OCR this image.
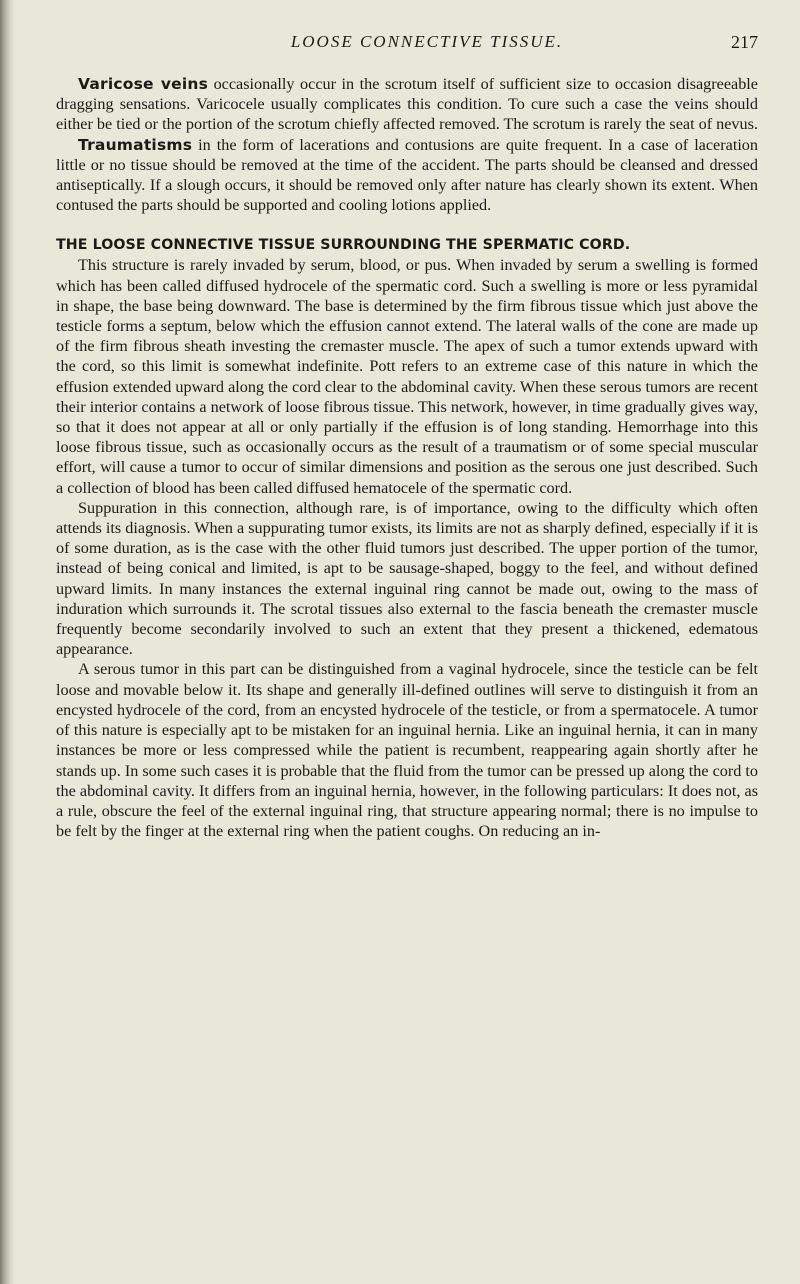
LOOSE CONNECTIVE TISSUE.	217

Varicose veins occasionally occur in the scrotum itself of sufficient size to occasion disagreeable dragging sensations. Varicocele usually complicates this condition. To cure such a case the veins should either be tied or the portion of the scrotum chiefly affected removed. The scrotum is rarely the seat of nevus.

Traumatisms in the form of lacerations and contusions are quite frequent. In a case of laceration little or no tissue should be removed at the time of the accident. The parts should be cleansed and dressed antiseptically. If a slough occurs, it should be removed only after nature has clearly shown its extent. When contused the parts should be supported and cooling lotions applied.

THE LOOSE CONNECTIVE TISSUE SURROUNDING THE SPERMATIC CORD.

This structure is rarely invaded by serum, blood, or pus. When invaded by serum a swelling is formed which has been called diffused hydrocele of the spermatic cord. Such a swelling is more or less pyramidal in shape, the base being downward. The base is determined by the firm fibrous tissue which just above the testicle forms a septum, below which the effusion cannot extend. The lateral walls of the cone are made up of the firm fibrous sheath investing the cremaster muscle. The apex of such a tumor extends upward with the cord, so this limit is somewhat indefinite. Pott refers to an extreme case of this nature in which the effusion extended upward along the cord clear to the abdominal cavity. When these serous tumors are recent their interior contains a network of loose fibrous tissue. This network, however, in time gradually gives way, so that it does not appear at all or only partially if the effusion is of long standing. Hemorrhage into this loose fibrous tissue, such as occasionally occurs as the result of a traumatism or of some special muscular effort, will cause a tumor to occur of similar dimensions and position as the serous one just described. Such a collection of blood has been called diffused hematocele of the spermatic cord.

Suppuration in this connection, although rare, is of importance, owing to the difficulty which often attends its diagnosis. When a suppurating tumor exists, its limits are not as sharply defined, especially if it is of some duration, as is the case with the other fluid tumors just described. The upper portion of the tumor, instead of being conical and limited, is apt to be sausage-shaped, boggy to the feel, and without defined upward limits. In many instances the external inguinal ring cannot be made out, owing to the mass of induration which surrounds it. The scrotal tissues also external to the fascia beneath the cremaster muscle frequently become secondarily involved to such an extent that they present a thickened, edematous appearance.

A serous tumor in this part can be distinguished from a vaginal hydrocele, since the testicle can be felt loose and movable below it. Its shape and generally ill-defined outlines will serve to distinguish it from an encysted hydrocele of the cord, from an encysted hydrocele of the testicle, or from a spermatocele. A tumor of this nature is especially apt to be mistaken for an inguinal hernia. Like an inguinal hernia, it can in many instances be more or less compressed while the patient is recumbent, reappearing again shortly after he stands up. In some such cases it is probable that the fluid from the tumor can be pressed up along the cord to the abdominal cavity. It differs from an inguinal hernia, however, in the following particulars: It does not, as a rule, obscure the feel of the external inguinal ring, that structure appearing normal; there is no impulse to be felt by the finger at the external ring when the patient coughs. On reducing an in-
